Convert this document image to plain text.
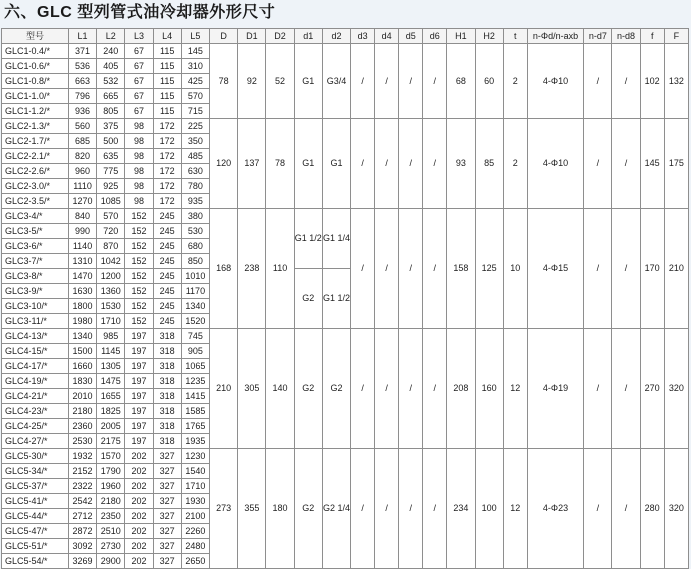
六、GLC 型列管式油冷却器外形尺寸
型号	L1	L2	L3	L4	L5	D	D1	D2	d1	d2	d3	d4	d5	d6	H1	H2	t	n-Φd/n-axb	n-d7	n-d8	f	F
GLC1-0.4/*	371	240	67	115	145	78	92	52	G1	G3/4	/	/	/	/	68	60	2	4-Φ10	/	/	102	132
GLC1-0.6/*	536	405	67	115	310																	
GLC1-0.8/*	663	532	67	115	425																	
GLC1-1.0/*	796	665	67	115	570																	
GLC1-1.2/*	936	805	67	115	715																	
GLC2-1.3/*	560	375	98	172	225	120	137	78	G1	G1	/	/	/	/	93	85	2	4-Φ10	/	/	145	175
GLC2-1.7/*	685	500	98	172	350																	
GLC2-2.1/*	820	635	98	172	485																	
GLC2-2.6/*	960	775	98	172	630																	
GLC2-3.0/*	1110	925	98	172	780																	
GLC2-3.5/*	1270	1085	98	172	935																	
GLC3-4/*	840	570	152	245	380	168	238	110	G1 1/2	G1 1/4	/	/	/	/	158	125	10	4-Φ15	/	/	170	210
GLC3-5/*	990	720	152	245	530																	
GLC3-6/*	1140	870	152	245	680																	
GLC3-7/*	1310	1042	152	245	850																	
GLC3-8/*	1470	1200	152	245	1010				G2	G1 1/2												
GLC3-9/*	1630	1360	152	245	1170																	
GLC3-10/*	1800	1530	152	245	1340																	
GLC3-11/*	1980	1710	152	245	1520																	
GLC4-13/*	1340	985	197	318	745	210	305	140	G2	G2	/	/	/	/	208	160	12	4-Φ19	/	/	270	320
GLC4-15/*	1500	1145	197	318	905																	
GLC4-17/*	1660	1305	197	318	1065																	
GLC4-19/*	1830	1475	197	318	1235																	
GLC4-21/*	2010	1655	197	318	1415																	
GLC4-23/*	2180	1825	197	318	1585																	
GLC4-25/*	2360	2005	197	318	1765																	
GLC4-27/*	2530	2175	197	318	1935																	
GLC5-30/*	1932	1570	202	327	1230	273	355	180	G2	G2 1/4	/	/	/	/	234	100	12	4-Φ23	/	/	280	320
GLC5-34/*	2152	1790	202	327	1540																	
GLC5-37/*	2322	1960	202	327	1710																	
GLC5-41/*	2542	2180	202	327	1930																	
GLC5-44/*	2712	2350	202	327	2100																	
GLC5-47/*	2872	2510	202	327	2260																	
GLC5-51/*	3092	2730	202	327	2480																	
GLC5-54/*	3269	2900	202	327	2650																	
